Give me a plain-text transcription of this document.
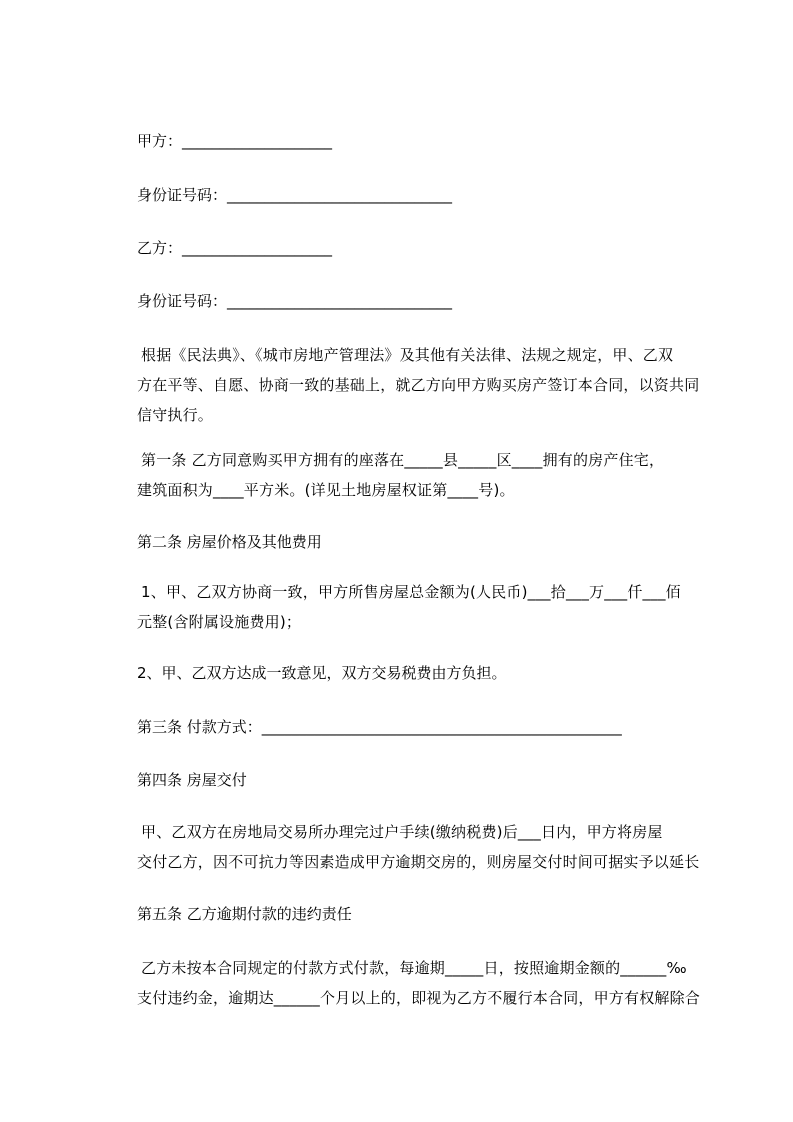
甲方：____________________

身份证号码：______________________________

乙方：____________________

身份证号码：______________________________

根据《民法典》、《城市房地产管理法》及其他有关法律、法规之规定，甲、乙双
方在平等、自愿、协商一致的基础上，就乙方向甲方购买房产签订本合同，以资共同
信守执行。
第一条 乙方同意购买甲方拥有的座落在_____县_____区____拥有的房产住宅，
建筑面积为____平方米。(详见土地房屋权证第____号)。

第二条 房屋价格及其他费用

1、甲、乙双方协商一致，甲方所售房屋总金额为(人民币)___拾___万___仟___佰
元整(含附属设施费用)；

2、甲、乙双方达成一致意见，双方交易税费由方负担。

第三条 付款方式：________________________________________________

第四条 房屋交付

甲、乙双方在房地局交易所办理完过户手续(缴纳税费)后___日内，甲方将房屋
交付乙方，因不可抗力等因素造成甲方逾期交房的，则房屋交付时间可据实予以延长

第五条 乙方逾期付款的违约责任

乙方未按本合同规定的付款方式付款，每逾期_____日，按照逾期金额的______‰
支付违约金，逾期达______个月以上的，即视为乙方不履行本合同，甲方有权解除合
